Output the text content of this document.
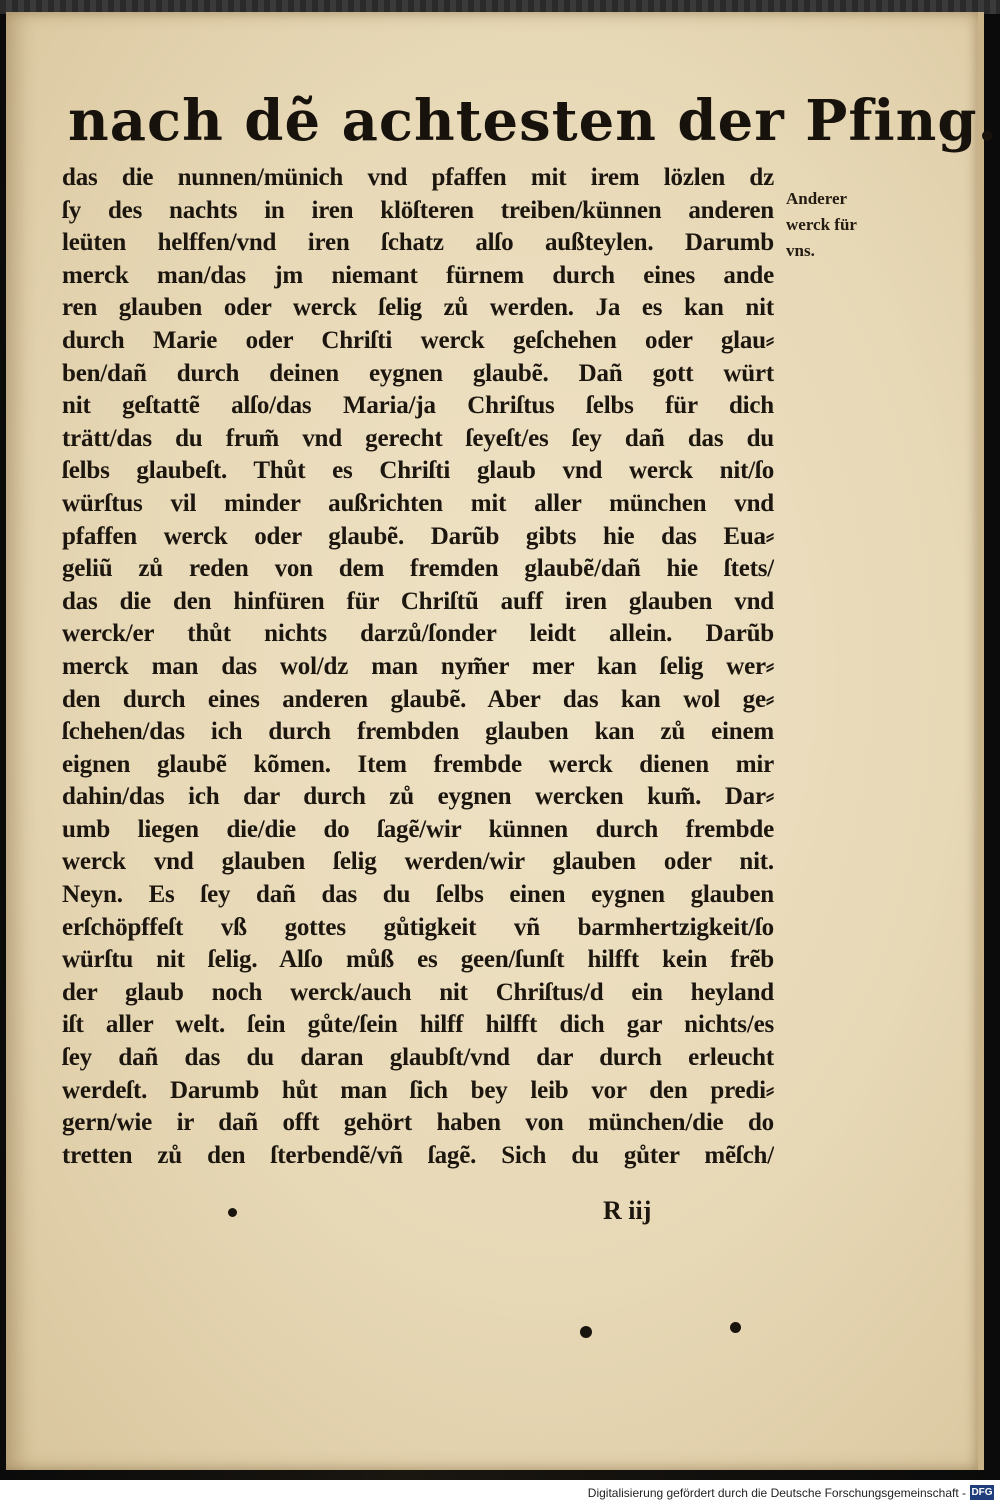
nach dẽ achtesten der Pfing.
das die nunnen/münich vnd pfaffen mit irem lözlen dz
ſy des nachts in iren klöſteren treiben/künnen anderen
leüten helffen/vnd iren ſchatz alſo außteylen. Darumb
merck man/das jm niemant fürnem durch eines ande
ren glauben oder werck ſelig zů werden. Ja es kan nit
durch Marie oder Chriſti werck geſchehen oder glau⸗
ben/dañ durch deinen eygnen glaubẽ. Dañ gott würt
nit geſtattẽ alſo/das Maria/ja Chriſtus ſelbs für dich
trätt/das du frum̃ vnd gerecht ſeyeſt/es ſey dañ das du
ſelbs glaubeſt. Thůt es Chriſti glaub vnd werck nit/ſo
würſtus vil minder außrichten mit aller münchen vnd
pfaffen werck oder glaubẽ. Darũb gibts hie das Eua⸗
geliũ zů reden von dem fremden glaubẽ/dañ hie ſtets/
das die den hinfüren für Chriſtũ auff iren glauben vnd
werck/er thůt nichts darzů/ſonder leidt allein. Darũb
merck man das wol/dz man nym̃er mer kan ſelig wer⸗
den durch eines anderen glaubẽ. Aber das kan wol ge⸗
ſchehen/das ich durch frembden glauben kan zů einem
eignen glaubẽ kõmen. Item frembde werck dienen mir
dahin/das ich dar durch zů eygnen wercken kum̃. Dar⸗
umb liegen die/die do ſagẽ/wir künnen durch frembde
werck vnd glauben ſelig werden/wir glauben oder nit.
Neyn. Es ſey dañ das du ſelbs einen eygnen glauben
erſchöpffeſt vß gottes gůtigkeit vñ barmhertzigkeit/ſo
würſtu nit ſelig. Alſo můß es geen/ſunſt hilfft kein frẽb
der glaub noch werck/auch nit Chriſtus/d ein heyland
iſt aller welt. ſein gůte/ſein hilff hilfft dich gar nichts/es
ſey dañ das du daran glaubſt/vnd dar durch erleucht
werdeſt. Darumb hůt man ſich bey leib vor den predi⸗
gern/wie ir dañ offt gehört haben von münchen/die do
tretten zů den ſterbendẽ/vñ ſagẽ. Sich du gůter mẽſch/
Anderer
werck für
vns.
R iij
Digitalisierung gefördert durch die Deutsche Forschungsgemeinschaft - DFG
